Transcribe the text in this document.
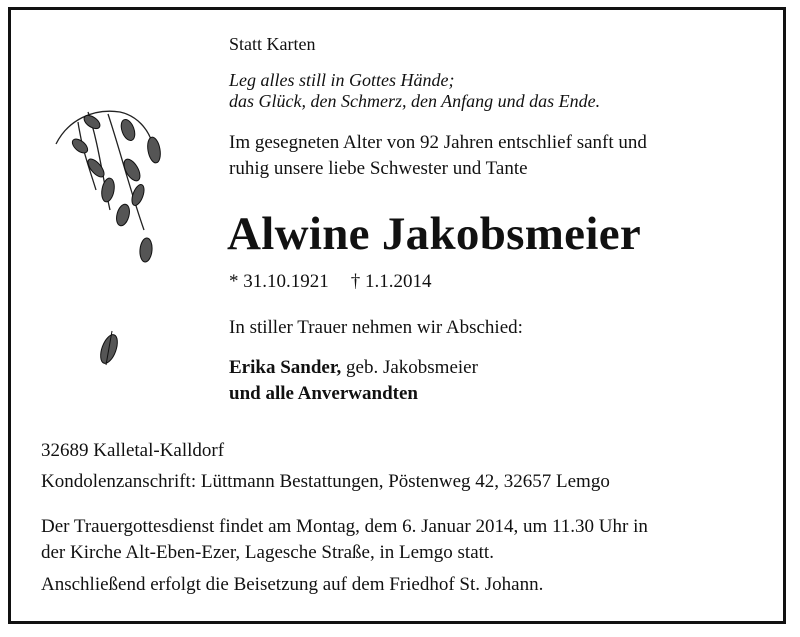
Statt Karten
Leg alles still in Gottes Hände;
das Glück, den Schmerz, den Anfang und das Ende.
Im gesegneten Alter von 92 Jahren entschlief sanft und
ruhig unsere liebe Schwester und Tante
Alwine Jakobsmeier
* 31.10.1921 † 1.1.2014
In stiller Trauer nehmen wir Abschied:
Erika Sander, geb. Jakobsmeier
und alle Anverwandten
32689 Kalletal-Kalldorf
Kondolenzanschrift: Lüttmann Bestattungen, Pöstenweg 42, 32657 Lemgo
Der Trauergottesdienst findet am Montag, dem 6. Januar 2014, um 11.30 Uhr in
der Kirche Alt-Eben-Ezer, Lagesche Straße, in Lemgo statt.
Anschließend erfolgt die Beisetzung auf dem Friedhof St. Johann.
